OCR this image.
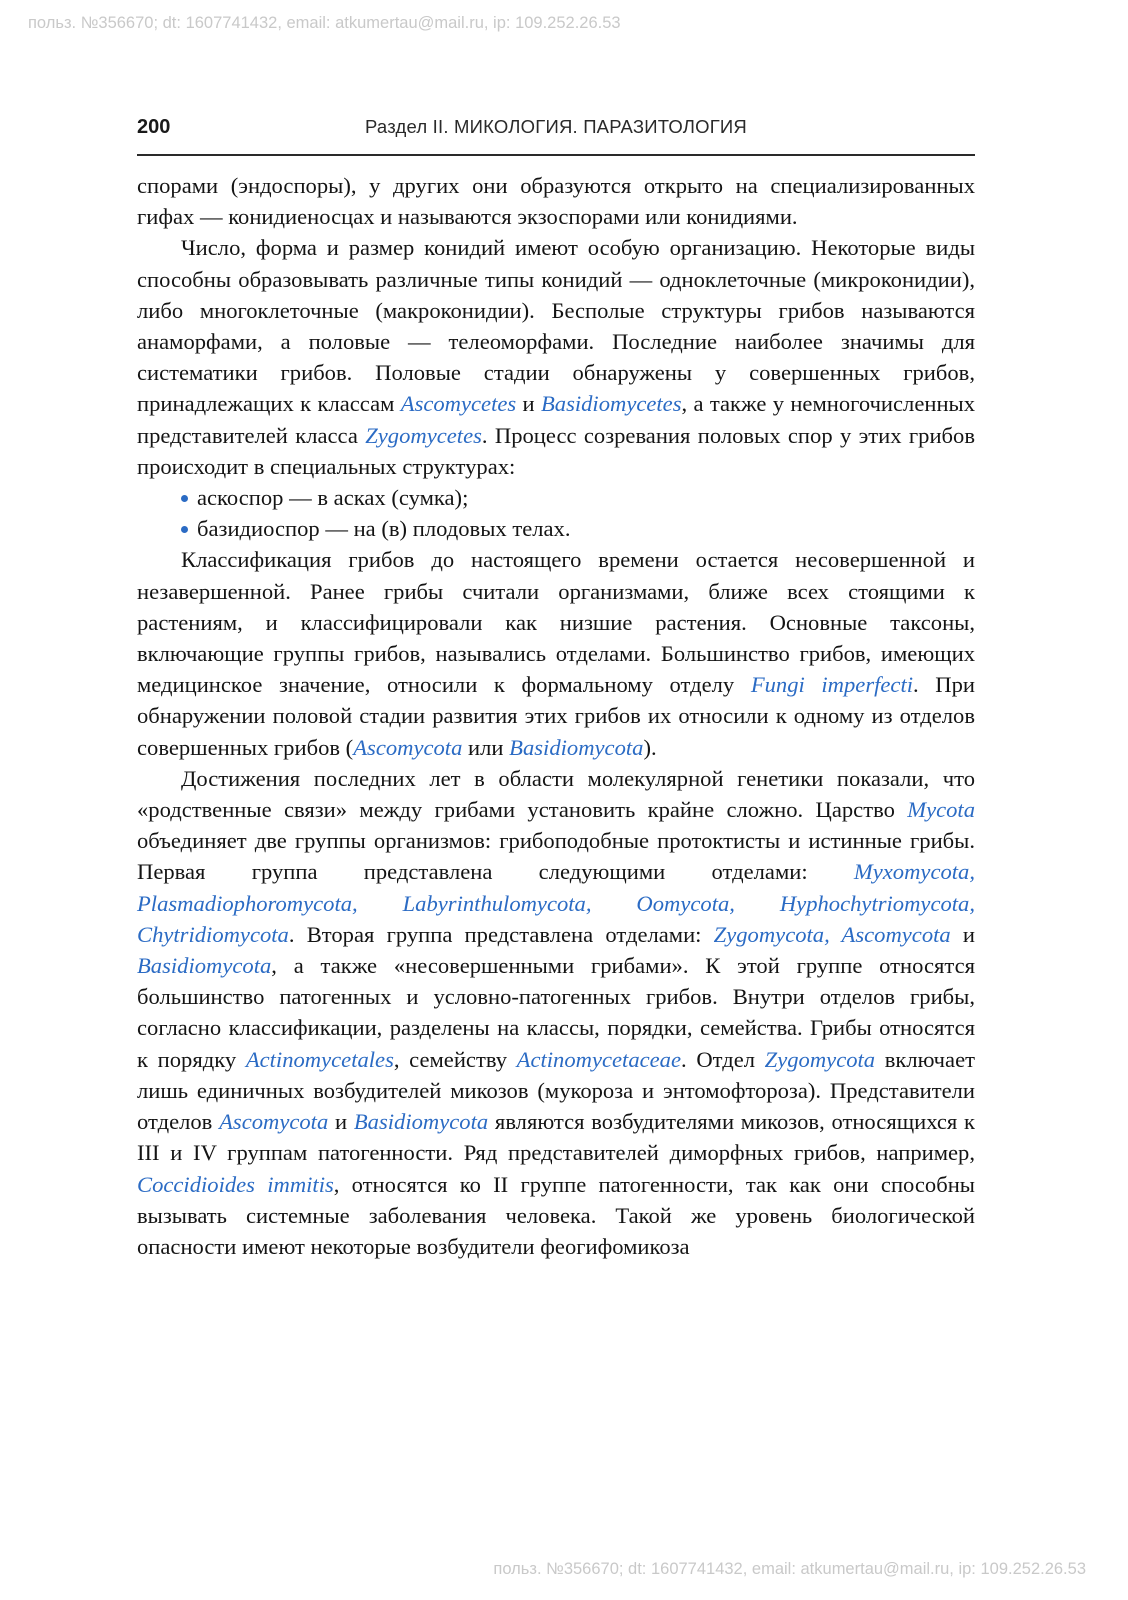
польз. №356670; dt: 1607741432, email: atkumertau@mail.ru, ip: 109.252.26.53
200	Раздел II. МИКОЛОГИЯ. ПАРАЗИТОЛОГИЯ

спорами (эндоспоры), у других они образуются открыто на специализированных гифах — конидиеносцах и называются экзоспорами или конидиями.

Число, форма и размер конидий имеют особую организацию. Некоторые виды способны образовывать различные типы конидий — одноклеточные (микроконидии), либо многоклеточные (макроконидии). Бесполые структуры грибов называются анаморфами, а половые — телеоморфами. Последние наиболее значимы для систематики грибов. Половые стадии обнаружены у совершенных грибов, принадлежащих к классам Ascomycetes и Basidiomycetes, а также у немногочисленных представителей класса Zygomycetes. Процесс созревания половых спор у этих грибов происходит в специальных структурах:

аскоспор — в асках (сумка);
базидиоспор — на (в) плодовых телах.

Классификация грибов до настоящего времени остается несовершенной и незавершенной. Ранее грибы считали организмами, ближе всех стоящими к растениям, и классифицировали как низшие растения. Основные таксоны, включающие группы грибов, назывались отделами. Большинство грибов, имеющих медицинское значение, относили к формальному отделу Fungi imperfecti. При обнаружении половой стадии развития этих грибов их относили к одному из отделов совершенных грибов (Ascomycota или Basidiomycota).

Достижения последних лет в области молекулярной генетики показали, что «родственные связи» между грибами установить крайне сложно. Царство Mycota объединяет две группы организмов: грибоподобные протоктисты и истинные грибы. Первая группа представлена следующими отделами: Myxomycota, Plasmadiophoromycota, Labyrinthulomycota, Oomycota, Hyphochytriomycota, Chytridiomycota. Вторая группа представлена отделами: Zygomycota, Ascomycota и Basidiomycota, а также «несовершенными грибами». К этой группе относятся большинство патогенных и условно-патогенных грибов. Внутри отделов грибы, согласно классификации, разделены на классы, порядки, семейства. Грибы относятся к порядку Actinomycetales, семейству Actinomycetaceae. Отдел Zygomycota включает лишь единичных возбудителей микозов (мукороза и энтомофтороза). Представители отделов Ascomycota и Basidiomycota являются возбудителями микозов, относящихся к III и IV группам патогенности. Ряд представителей диморфных грибов, например, Coccidioides immitis, относятся ко II группе патогенности, так как они способны вызывать системные заболевания человека. Такой же уровень биологической опасности имеют некоторые возбудители феогифомикоза

польз. №356670; dt: 1607741432, email: atkumertau@mail.ru, ip: 109.252.26.53
